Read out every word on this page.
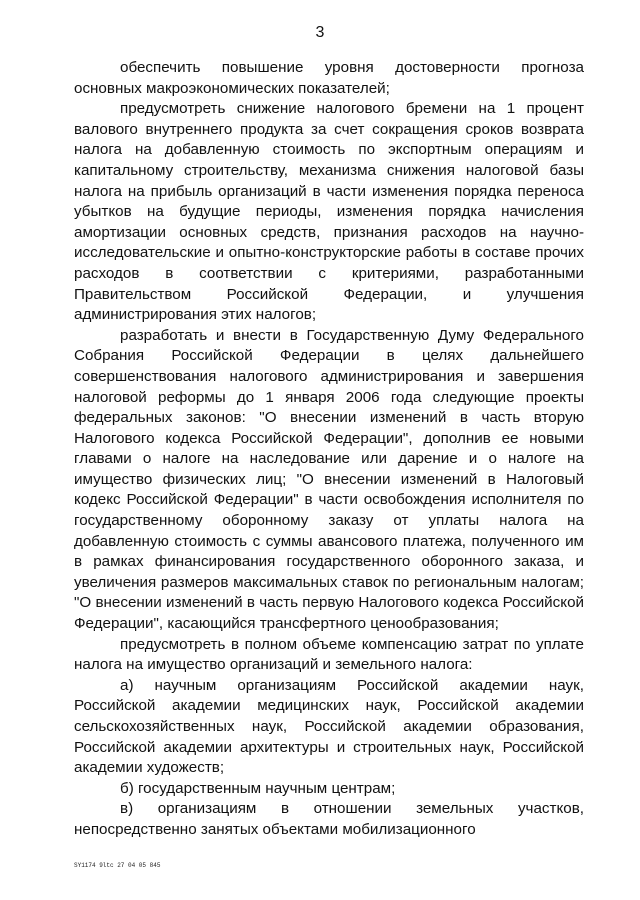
3

обеспечить повышение уровня достоверности прогноза основных макроэкономических показателей;

предусмотреть снижение налогового бремени на 1 процент валового внутреннего продукта за счет сокращения сроков возврата налога на добавленную стоимость по экспортным операциям и капитальному строительству, механизма снижения налоговой базы налога на прибыль организаций в части изменения порядка переноса убытков на будущие периоды, изменения порядка начисления амортизации основных средств, признания расходов на научно-исследовательские и опытно-конструкторские работы в составе прочих расходов в соответствии с критериями, разработанными Правительством Российской Федерации, и улучшения администрирования этих налогов;

разработать и внести в Государственную Думу Федерального Собрания Российской Федерации в целях дальнейшего совершенствования налогового администрирования и завершения налоговой реформы до 1 января 2006 года следующие проекты федеральных законов: "О внесении изменений в часть вторую Налогового кодекса Российской Федерации", дополнив ее новыми главами о налоге на наследование или дарение и о налоге на имущество физических лиц; "О внесении изменений в Налоговый кодекс Российской Федерации" в части освобождения исполнителя по государственному оборонному заказу от уплаты налога на добавленную стоимость с суммы авансового платежа, полученного им в рамках финансирования государственного оборонного заказа, и увеличения размеров максимальных ставок по региональным налогам; "О внесении изменений в часть первую Налогового кодекса Российской Федерации", касающийся трансфертного ценообразования;

предусмотреть в полном объеме компенсацию затрат по уплате налога на имущество организаций и земельного налога:

а) научным организациям Российской академии наук, Российской академии медицинских наук, Российской академии сельскохозяйственных наук, Российской академии образования, Российской академии архитектуры и строительных наук, Российской академии художеств;

б) государственным научным центрам;

в) организациям в отношении земельных участков, непосредственно занятых объектами мобилизационного

SY1174 9ltc 27 04 05 845
